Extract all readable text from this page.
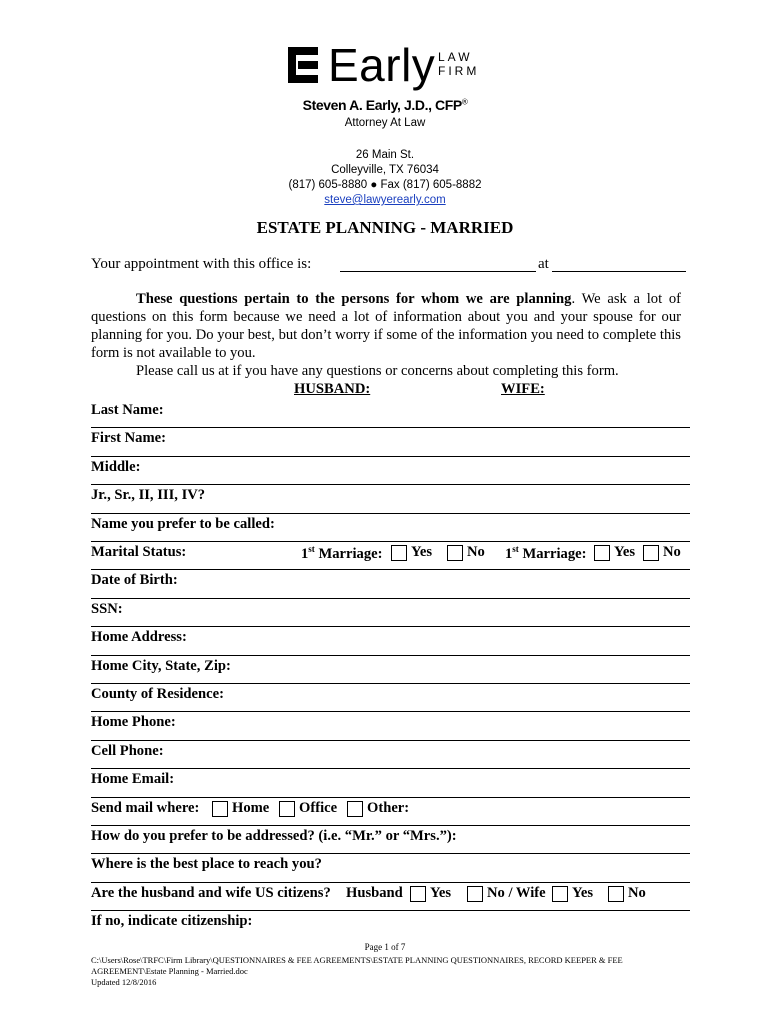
Early LAW
FIRM
Steven A. Early, J.D., CFP®
Attorney At Law
26 Main St.
Colleyville, TX 76034
(817) 605-8880 ● Fax (817) 605-8882
steve@lawyerearly.com
ESTATE PLANNING - MARRIED
Your appointment with this office is:	at
These questions pertain to the persons for whom we are planning. We ask a lot of questions on this form because we need a lot of information about you and your spouse for our planning for you. Do your best, but don’t worry if some of the information you need to complete this form is not available to you.
Please call us at if you have any questions or concerns about completing this form.
HUSBAND:	WIFE:
Last Name:
First Name:
Middle:
Jr., Sr., II, III, IV?
Name you prefer to be called:
Marital Status:	1st Marriage: Yes No 1st Marriage: Yes No
Date of Birth:
SSN:
Home Address:
Home City, State, Zip:
County of Residence:
Home Phone:
Cell Phone:
Home Email:
Send mail where: Home Office Other:
How do you prefer to be addressed? (i.e. “Mr.” or “Mrs.”):
Where is the best place to reach you?
Are the husband and wife US citizens? Husband Yes No / Wife Yes No
If no, indicate citizenship:
Page 1 of 7
C:\Users\Rose\TRFC\Firm Library\QUESTIONNAIRES & FEE AGREEMENTS\ESTATE PLANNING QUESTIONNAIRES, RECORD KEEPER & FEE AGREEMENT\Estate Planning - Married.doc
Updated 12/8/2016
